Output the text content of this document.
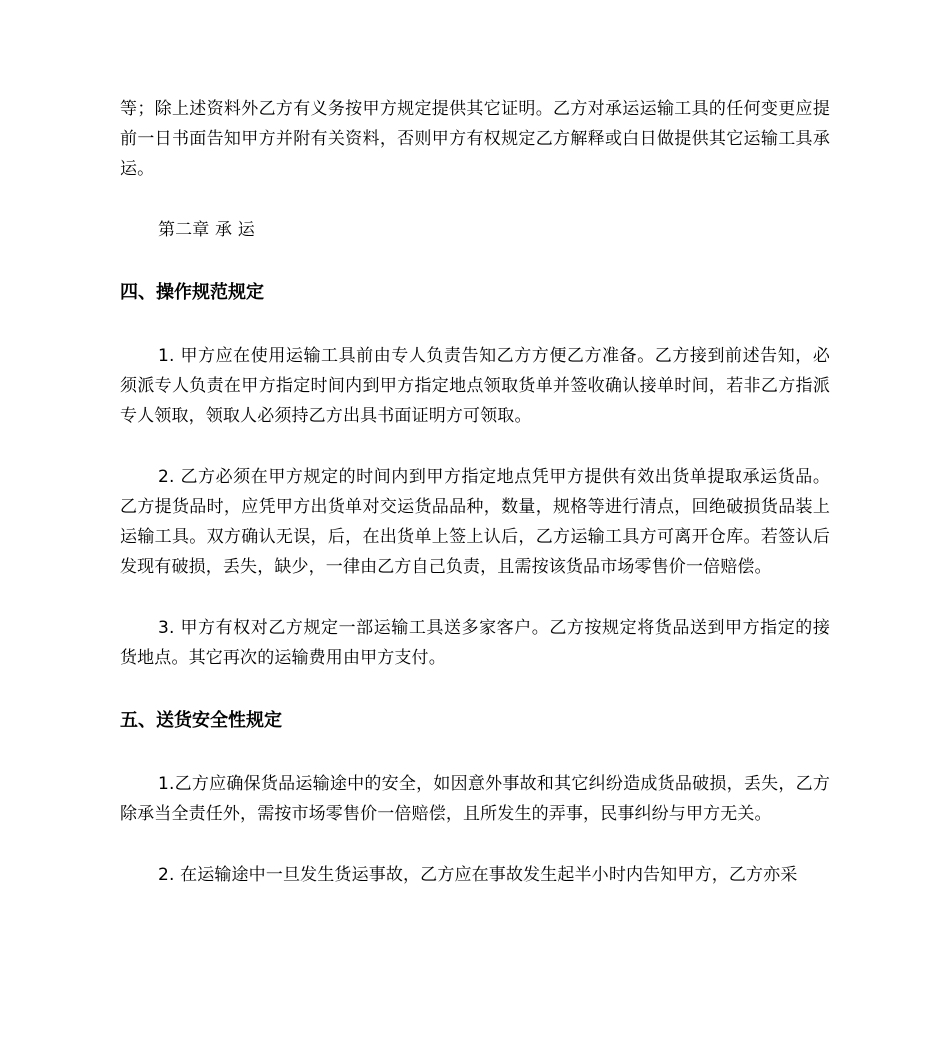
等；除上述资料外乙方有义务按甲方规定提供其它证明。乙方对承运运输工具的任何变更应提前一日书面告知甲方并附有关资料，否则甲方有权规定乙方解释或白日做提供其它运输工具承运。

第二章 承 运

四、操作规范规定

1. 甲方应在使用运输工具前由专人负责告知乙方方便乙方准备。乙方接到前述告知，必须派专人负责在甲方指定时间内到甲方指定地点领取货单并签收确认接单时间，若非乙方指派专人领取，领取人必须持乙方出具书面证明方可领取。

2. 乙方必须在甲方规定的时间内到甲方指定地点凭甲方提供有效出货单提取承运货品。乙方提货品时，应凭甲方出货单对交运货品品种，数量，规格等进行清点，回绝破损货品装上运输工具。双方确认无误，后，在出货单上签上认后，乙方运输工具方可离开仓库。若签认后发现有破损，丢失，缺少，一律由乙方自己负责，且需按该货品市场零售价一倍赔偿。

3. 甲方有权对乙方规定一部运输工具送多家客户。乙方按规定将货品送到甲方指定的接货地点。其它再次的运输费用由甲方支付。

五、送货安全性规定

1.乙方应确保货品运输途中的安全，如因意外事故和其它纠纷造成货品破损，丢失，乙方除承当全责任外，需按市场零售价一倍赔偿，且所发生的弄事，民事纠纷与甲方无关。

2. 在运输途中一旦发生货运事故，乙方应在事故发生起半小时内告知甲方，乙方亦采
